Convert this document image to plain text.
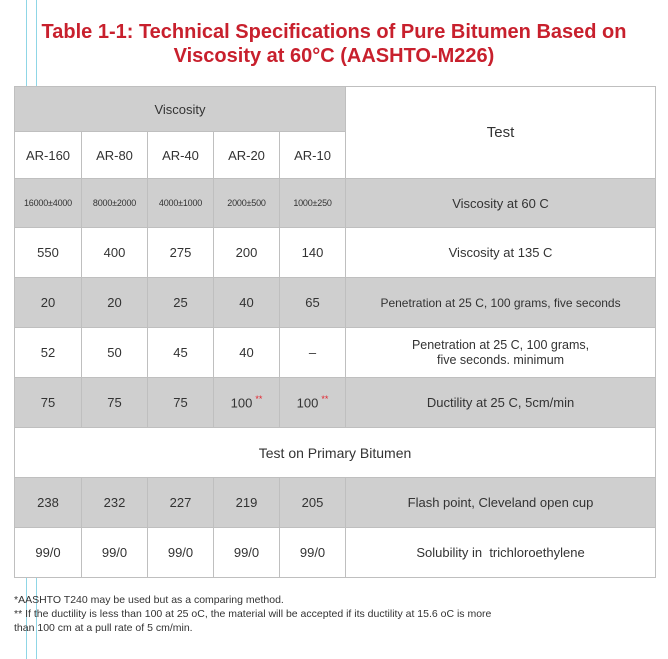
Table 1-1: Technical Specifications of Pure Bitumen Based on
Viscosity at 60°C (AASHTO-M226)
Viscosity					Test
AR-160	AR-80	AR-40	AR-20	AR-10	
16000±4000	8000±2000	4000±1000	2000±500	1000±250	Viscosity at 60 C
550	400	275	200	140	Viscosity at 135 C
20	20	25	40	65	Penetration at 25 C, 100 grams, five seconds
52	50	45	40	–	Penetration at 25 C, 100 grams,
five seconds. minimum

75	75	75	100 **	100 **	Ductility at 25 C, 5cm/min
Test on Primary Bitumen					
238	232	227	219	205	Flash point, Cleveland open cup
99/0	99/0	99/0	99/0	99/0	Solubility in  trichloroethylene
*AASHTO T240 may be used but as a comparing method.
** If the ductility is less than 100 at 25 oC, the material will be accepted if its ductility at 15.6 oC is more
than 100 cm at a pull rate of 5 cm/min.
